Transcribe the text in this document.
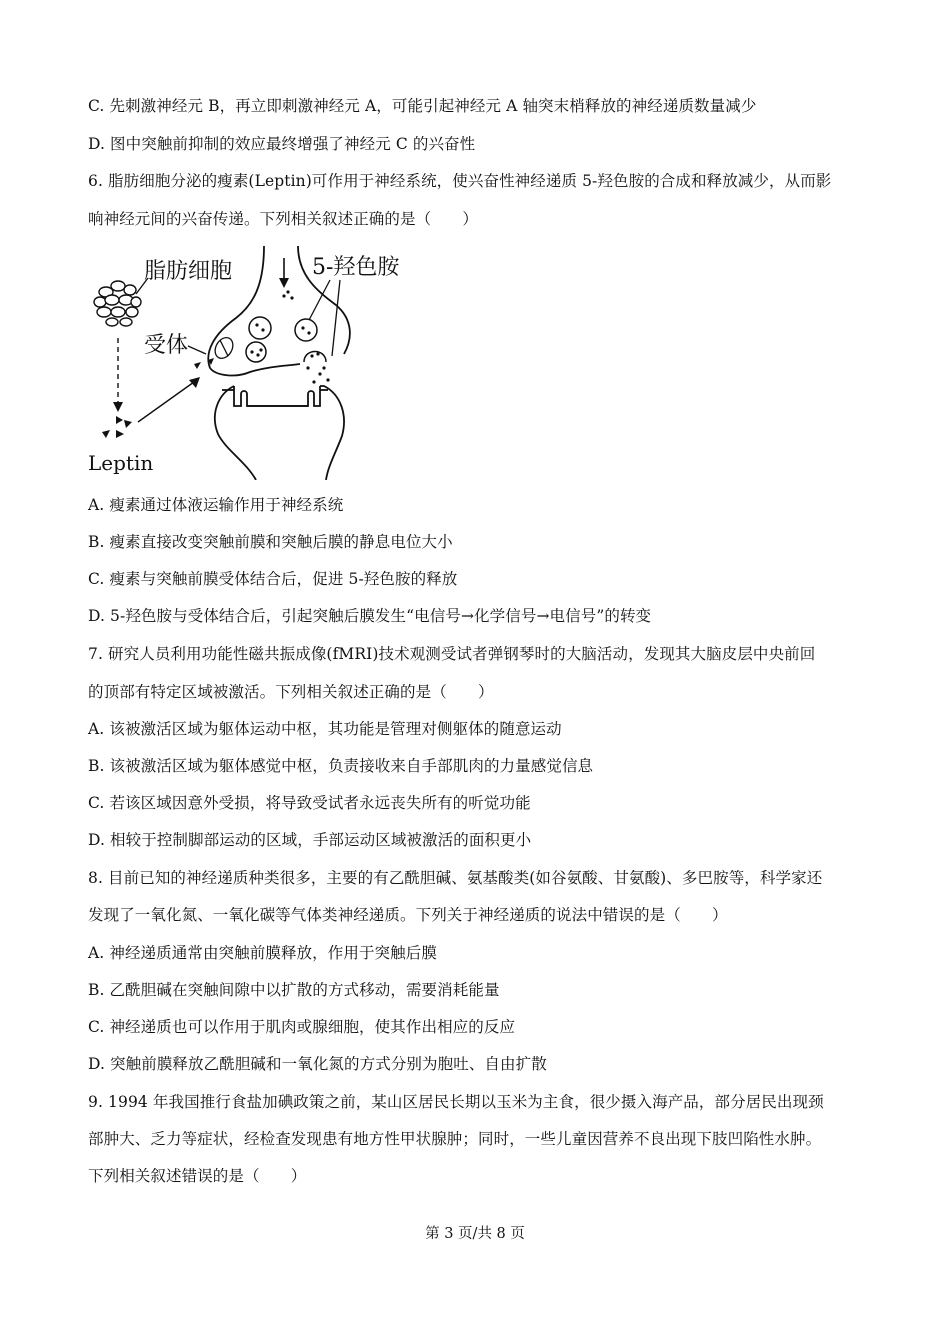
C. 先刺激神经元 B，再立即刺激神经元 A，可能引起神经元 A 轴突末梢释放的神经递质数量减少
D. 图中突触前抑制的效应最终增强了神经元 C 的兴奋性
6. 脂肪细胞分泌的瘦素(Leptin)可作用于神经系统，使兴奋性神经递质 5-羟色胺的合成和释放减少，从而影
响神经元间的兴奋传递。下列相关叙述正确的是（　　）
脂肪细胞
Leptin
受体
5-羟色胺
A. 瘦素通过体液运输作用于神经系统
B. 瘦素直接改变突触前膜和突触后膜的静息电位大小
C. 瘦素与突触前膜受体结合后，促进 5-羟色胺的释放
D. 5-羟色胺与受体结合后，引起突触后膜发生“电信号→化学信号→电信号”的转变
7. 研究人员利用功能性磁共振成像(fMRI)技术观测受试者弹钢琴时的大脑活动，发现其大脑皮层中央前回
的顶部有特定区域被激活。下列相关叙述正确的是（　　）
A. 该被激活区域为躯体运动中枢，其功能是管理对侧躯体的随意运动
B. 该被激活区域为躯体感觉中枢，负责接收来自手部肌肉的力量感觉信息
C. 若该区域因意外受损，将导致受试者永远丧失所有的听觉功能
D. 相较于控制脚部运动的区域，手部运动区域被激活的面积更小
8. 目前已知的神经递质种类很多，主要的有乙酰胆碱、氨基酸类(如谷氨酸、甘氨酸)、多巴胺等，科学家还
发现了一氧化氮、一氧化碳等气体类神经递质。下列关于神经递质的说法中错误的是（　　）
A. 神经递质通常由突触前膜释放，作用于突触后膜
B. 乙酰胆碱在突触间隙中以扩散的方式移动，需要消耗能量
C. 神经递质也可以作用于肌肉或腺细胞，使其作出相应的反应
D. 突触前膜释放乙酰胆碱和一氧化氮的方式分别为胞吐、自由扩散
9. 1994 年我国推行食盐加碘政策之前，某山区居民长期以玉米为主食，很少摄入海产品，部分居民出现颈
部肿大、乏力等症状，经检查发现患有地方性甲状腺肿；同时，一些儿童因营养不良出现下肢凹陷性水肿。
下列相关叙述错误的是（　　）
第 3 页/共 8 页
